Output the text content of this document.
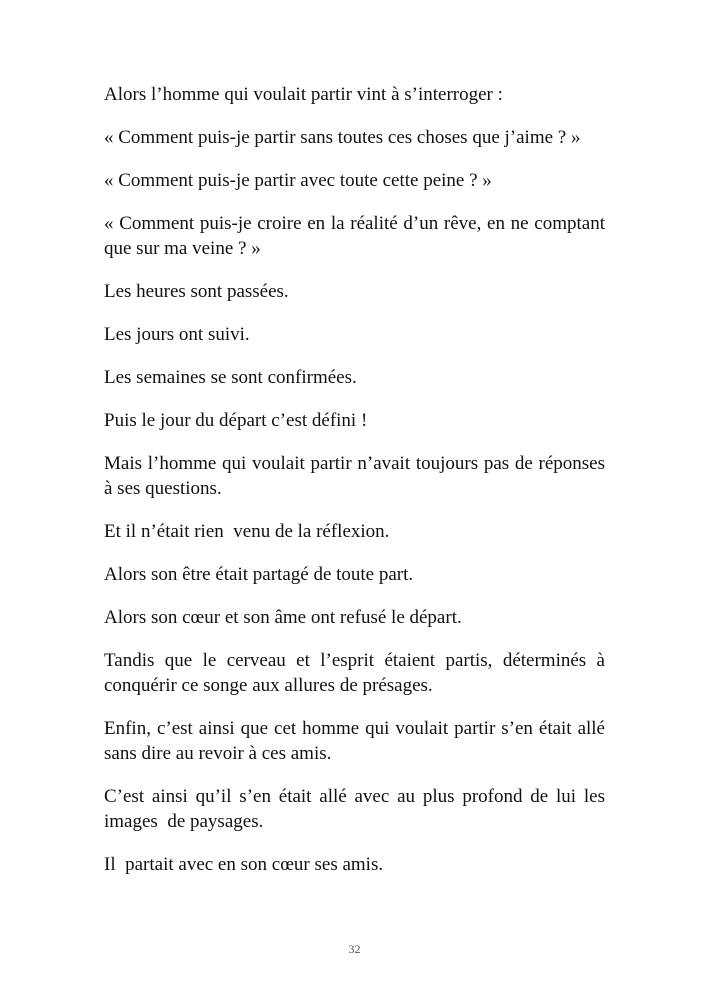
Alors l’homme qui voulait partir vint à s’interroger :

« Comment puis-je partir sans toutes ces choses que j’aime ? »

« Comment puis-je partir avec toute cette peine ? »

« Comment puis-je croire en la réalité d’un rêve, en ne comptant que sur ma veine ? »

Les heures sont passées.

Les jours ont suivi.

Les semaines se sont confirmées.

Puis le jour du départ c’est défini !

Mais l’homme qui voulait partir n’avait toujours pas de réponses à ses questions.

Et il n’était rien  venu de la réflexion.

Alors son être était partagé de toute part.

Alors son cœur et son âme ont refusé le départ.

Tandis que le cerveau et l’esprit étaient partis, déterminés à conquérir ce songe aux allures de présages.

Enfin, c’est ainsi que cet homme qui voulait partir s’en était allé sans dire au revoir à ces amis.

C’est ainsi qu’il s’en était allé avec au plus profond de lui les images  de paysages.

Il  partait avec en son cœur ses amis.

32
